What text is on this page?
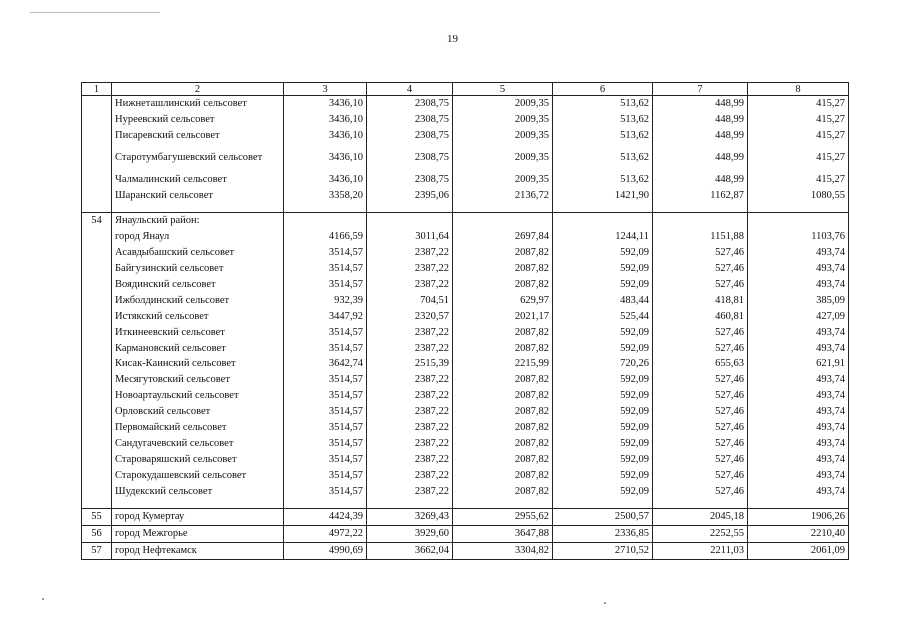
19
1	2	3	4	5	6	7	8
	Нижнеташлинский сельсовет	3436,10	2308,75	2009,35	513,62	448,99	415,27
	Нуреевский сельсовет	3436,10	2308,75	2009,35	513,62	448,99	415,27
	Писаревский сельсовет	3436,10	2308,75	2009,35	513,62	448,99	415,27
	Старотумбагушевский сельсовет	3436,10	2308,75	2009,35	513,62	448,99	415,27
	Чалмалинский сельсовет	3436,10	2308,75	2009,35	513,62	448,99	415,27
	Шаранский сельсовет	3358,20	2395,06	2136,72	1421,90	1162,87	1080,55

54	Янаульский район:						
	город Янаул	4166,59	3011,64	2697,84	1244,11	1151,88	1103,76
	Асавдыбашский сельсовет	3514,57	2387,22	2087,82	592,09	527,46	493,74
	Байгузинский сельсовет	3514,57	2387,22	2087,82	592,09	527,46	493,74
	Воядинский сельсовет	3514,57	2387,22	2087,82	592,09	527,46	493,74
	Ижболдинский сельсовет	932,39	704,51	629,97	483,44	418,81	385,09
	Истякский сельсовет	3447,92	2320,57	2021,17	525,44	460,81	427,09
	Иткинеевский сельсовет	3514,57	2387,22	2087,82	592,09	527,46	493,74
	Кармановский сельсовет	3514,57	2387,22	2087,82	592,09	527,46	493,74
	Кисак-Каинский сельсовет	3642,74	2515,39	2215,99	720,26	655,63	621,91
	Месягутовский сельсовет	3514,57	2387,22	2087,82	592,09	527,46	493,74
	Новоартаульский сельсовет	3514,57	2387,22	2087,82	592,09	527,46	493,74
	Орловский сельсовет	3514,57	2387,22	2087,82	592,09	527,46	493,74
	Первомайский сельсовет	3514,57	2387,22	2087,82	592,09	527,46	493,74
	Сандугачевский сельсовет	3514,57	2387,22	2087,82	592,09	527,46	493,74
	Староваряшский сельсовет	3514,57	2387,22	2087,82	592,09	527,46	493,74
	Старокудашевский сельсовет	3514,57	2387,22	2087,82	592,09	527,46	493,74
	Шудекский сельсовет	3514,57	2387,22	2087,82	592,09	527,46	493,74

55	город Кумертау	4424,39	3269,43	2955,62	2500,57	2045,18	1906,26
56	город Межгорье	4972,22	3929,60	3647,88	2336,85	2252,55	2210,40
57	город Нефтекамск	4990,69	3662,04	3304,82	2710,52	2211,03	2061,09
